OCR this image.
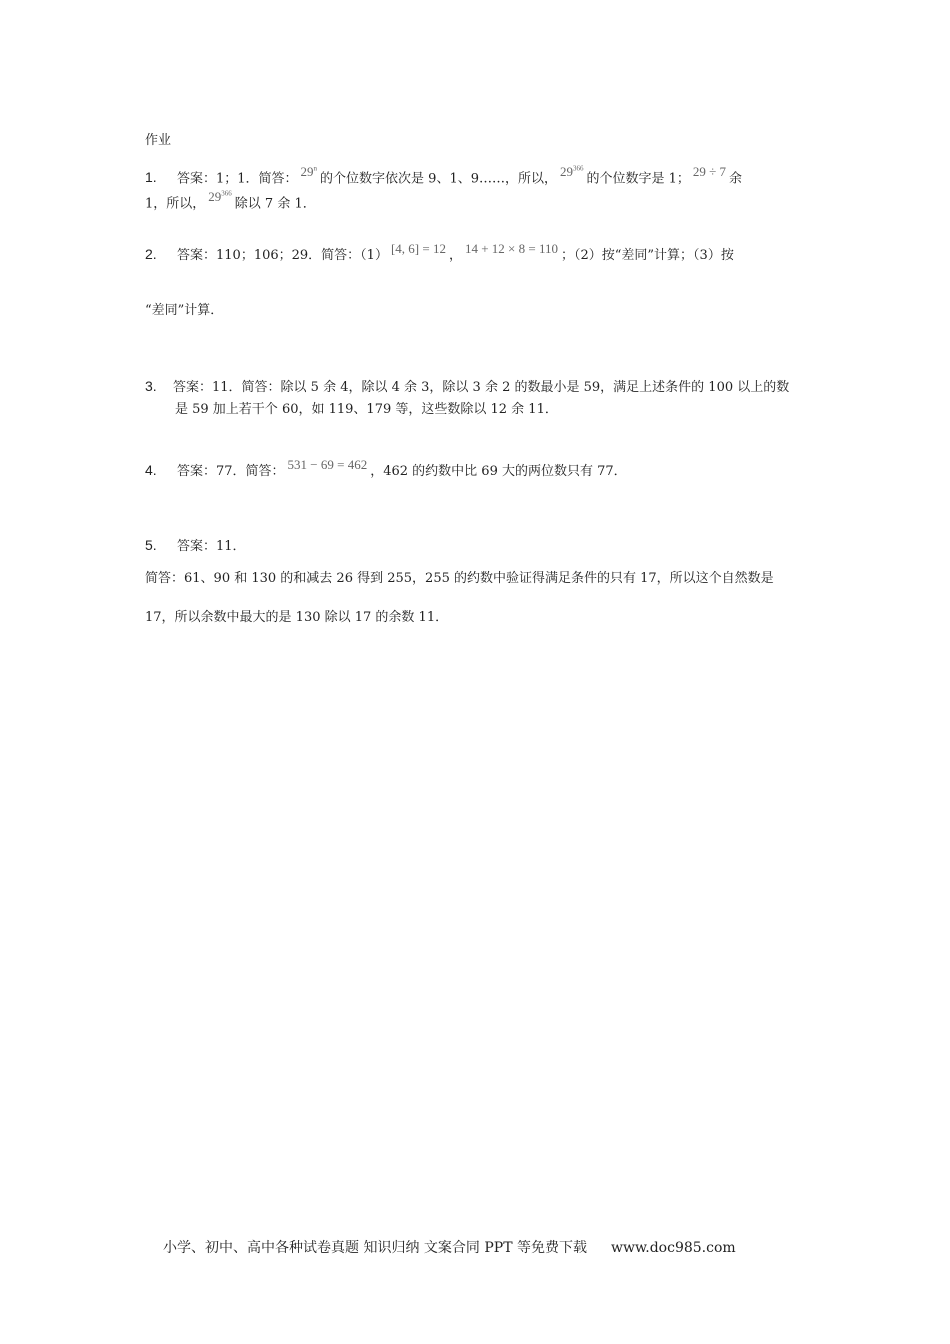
作业
1. 答案：1；1．简答： 29$^n$的个位数字依次是 9、1、9……，所以， $29^{366}$的个位数字是 1； 29 ÷ 7 余
1，所以， $29^{366}$除以 7 余 1．
2. 答案：110；106；29．简答：（1） [4, 6] = 12 ， 14 + 12 × 8 = 110 ；（2）按“差同”计算；（3）按
“差同”计算．
3. 答案：11．简答：除以 5 余 4，除以 4 余 3，除以 3 余 2 的数最小是 59，满足上述条件的 100 以上的数
是 59 加上若干个 60，如 119、179 等，这些数除以 12 余 11．
4. 答案：77．简答： 531 − 69 = 462 ，462 的约数中比 69 大的两位数只有 77．
5. 答案：11．
简答：61、90 和 130 的和减去 26 得到 255，255 的约数中验证得满足条件的只有 17，所以这个自然数是
17，所以余数中最大的是 130 除以 17 的余数 11．
小学、初中、高中各种试卷真题 知识归纳 文案合同 PPT 等免费下载 www.doc985.com
